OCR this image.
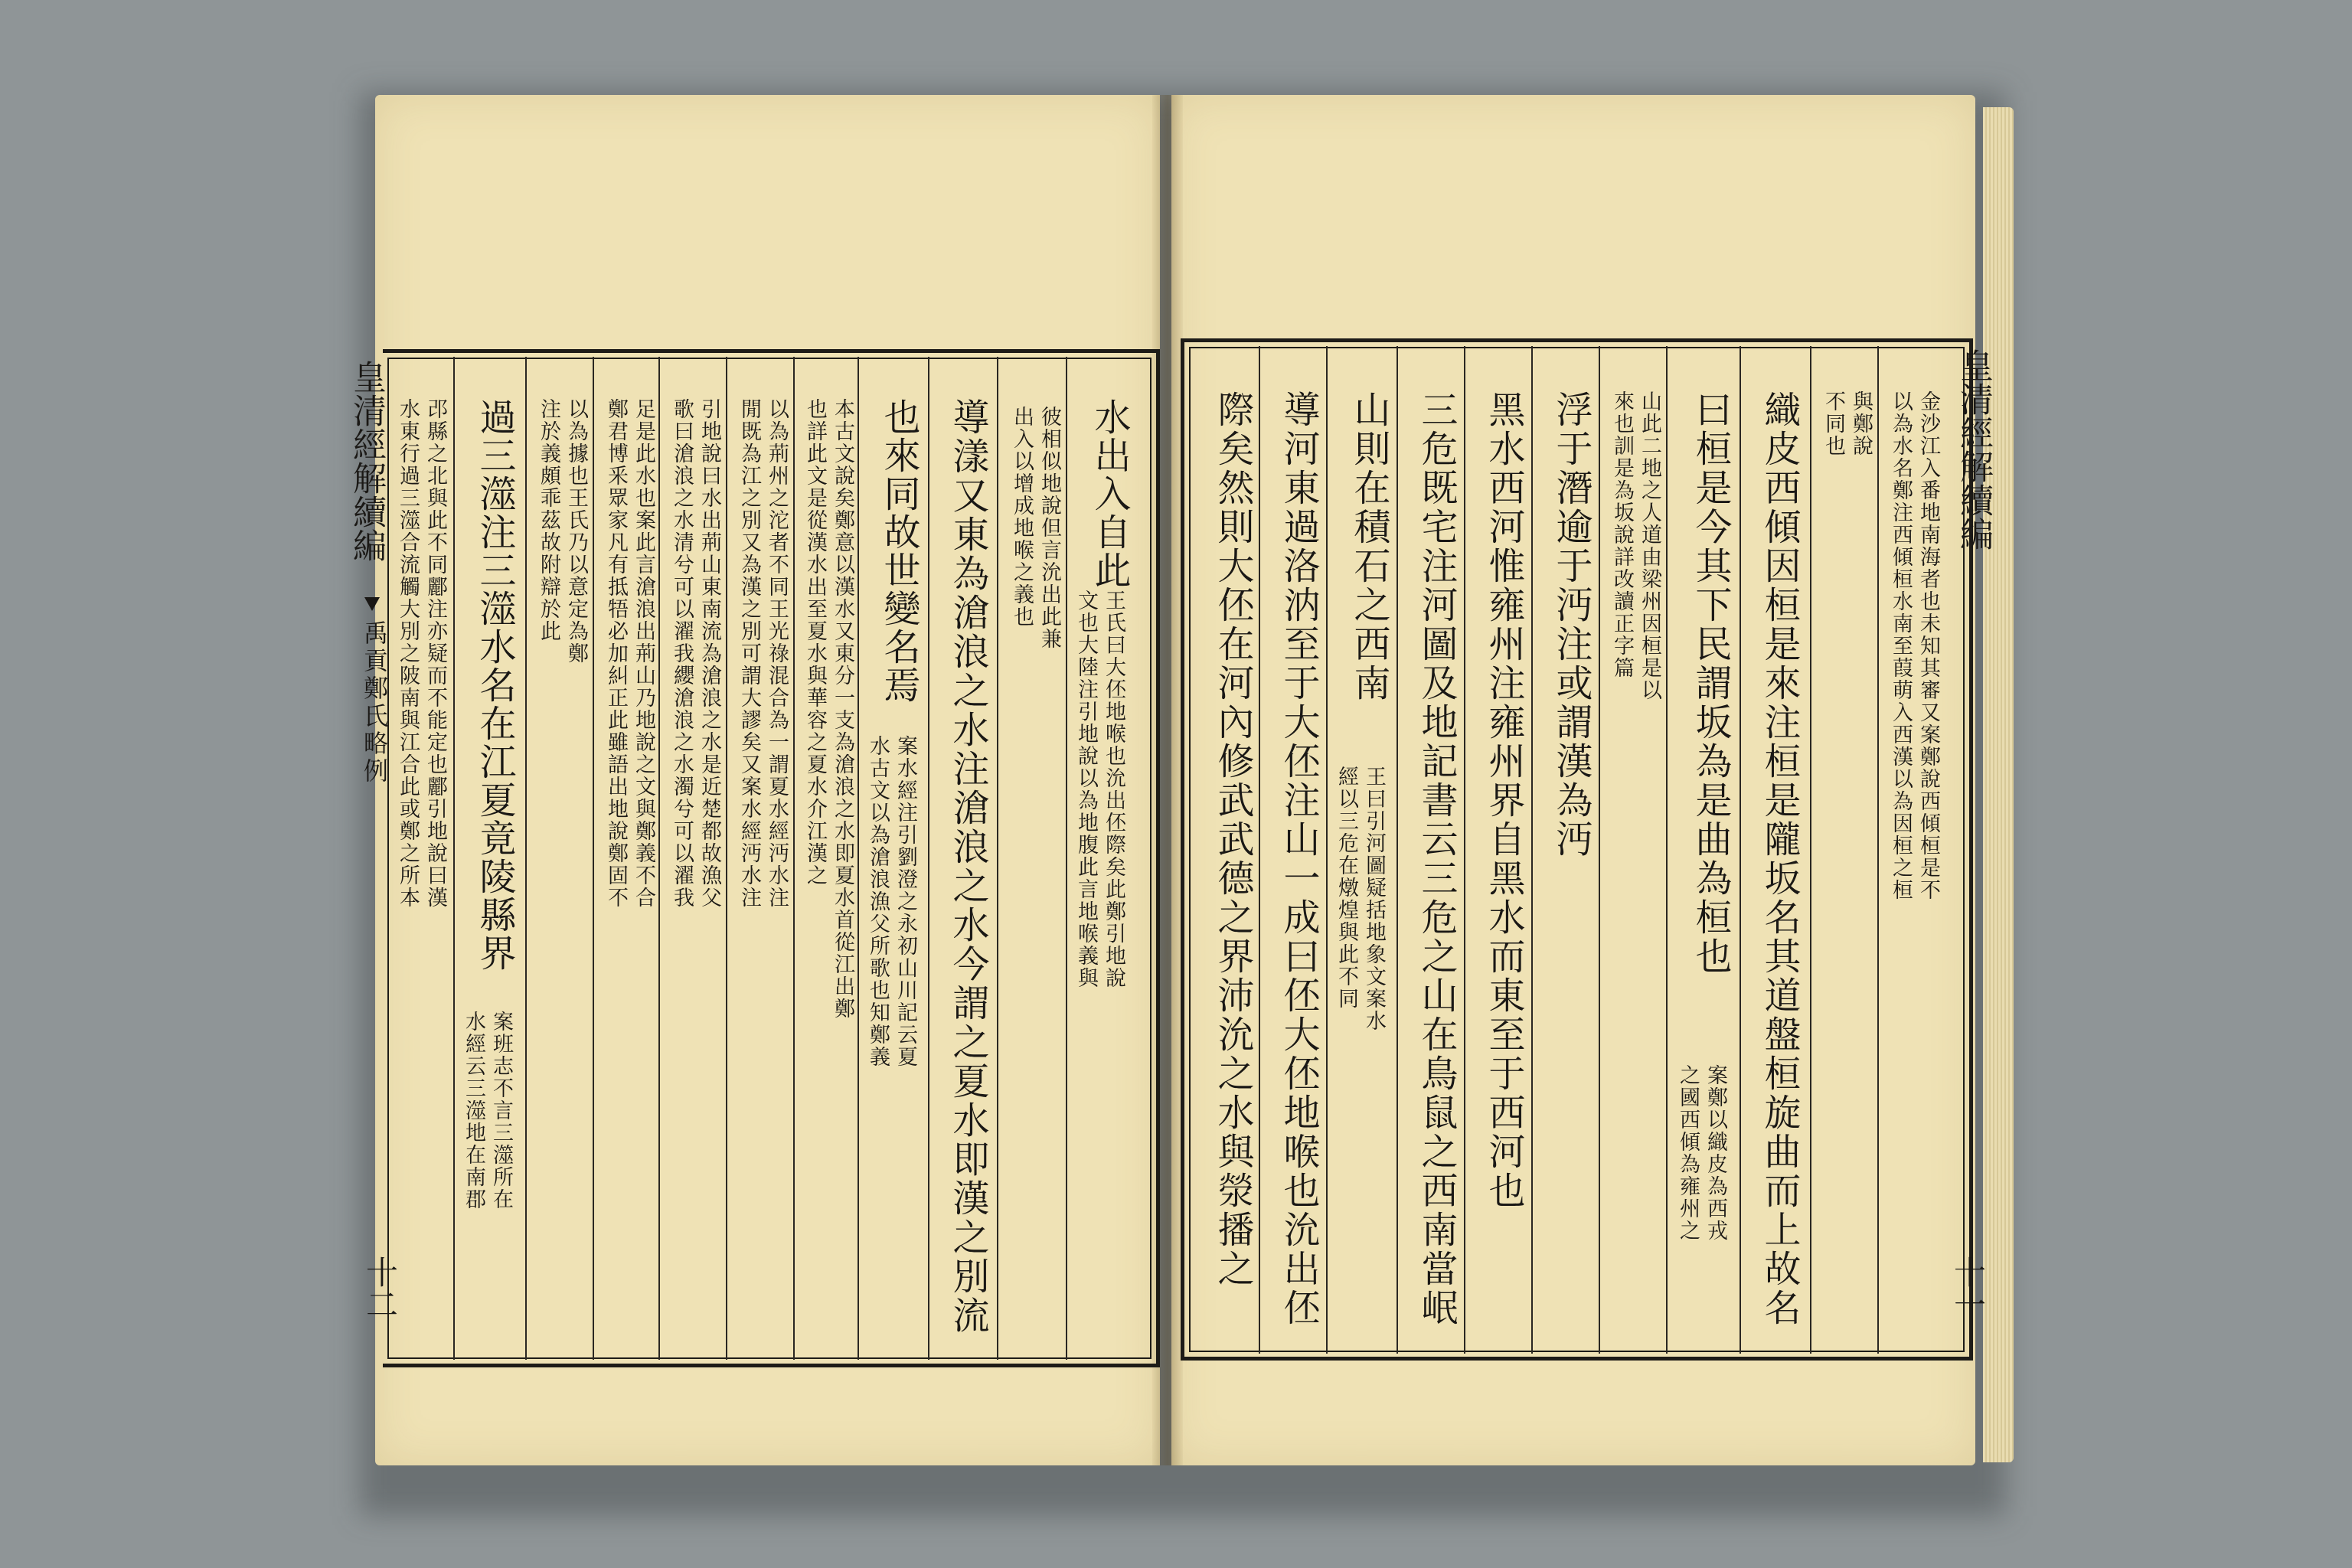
皇清經解續編
禹貢鄭氏略例
十二
皇清經解續編
十一
水出入自此
王氏曰大伾地喉也沇出伾際矣此鄭引地說
文也大陸注引地說以為地腹此言地喉義與
彼相似地說但言沇出此兼
出入以增成地喉之義也
導漾又東為滄浪之水注滄浪之水今謂之夏水即漢之別流
也來同故世變名焉
案水經注引劉澄之永初山川記云夏
水古文以為滄浪漁父所歌也知鄭義
本古文說矣鄭意以漢水又東分一支為滄浪之水即夏水首從江出鄭
也詳此文是從漢水出至夏水與華容之夏水介江漢之
以為荊州之沱者不同王光祿混合為一謂夏水經沔水注
閒既為江之別又為漢之別可謂大謬矣又案水經沔水注
引地說曰水出荊山東南流為滄浪之水是近楚都故漁父
歌曰滄浪之水清兮可以濯我纓滄浪之水濁兮可以濯我
足是此水也案此言滄浪出荊山乃地說之文與鄭義不合
鄭君博釆眾家凡有抵牾必加糾正此雖語出地說鄭固不
以為據也王氏乃以意定為鄭
注於義頗乖茲故附辯於此
過三澨注三澨水名在江夏竟陵縣界
案班志不言三澨所在
水經云三澨地在南郡
邔縣之北與此不同酈注亦疑而不能定也酈引地說曰漢
水東行過三澨合流觸大別之陂南與江合此或鄭之所本	金沙江入番地南海者也未知其審又案鄭說西傾桓是不
以為水名鄭注西傾桓水南至葭萌入西漢以為因桓之桓
與鄭說
不同也
織皮西傾因桓是來注桓是隴坂名其道盤桓旋曲而上故名
曰桓是今其下民謂坂為是曲為桓也
案鄭以織皮為西戎
之國西傾為雍州之
山此二地之人道由梁州因桓是以
來也訓是為坂說詳改讀正字篇
浮于潛逾于沔注或謂漢為沔
黑水西河惟雍州注雍州界自黑水而東至于西河也
三危既宅注河圖及地記書云三危之山在鳥鼠之西南當岷
山則在積石之西南
王曰引河圖疑括地象文案水
經以三危在燉煌與此不同
導河東過洛汭至于大伾注山一成曰伾大伾地喉也沇出伾
際矣然則大伾在河內修武武德之界沛沇之水與滎播之
